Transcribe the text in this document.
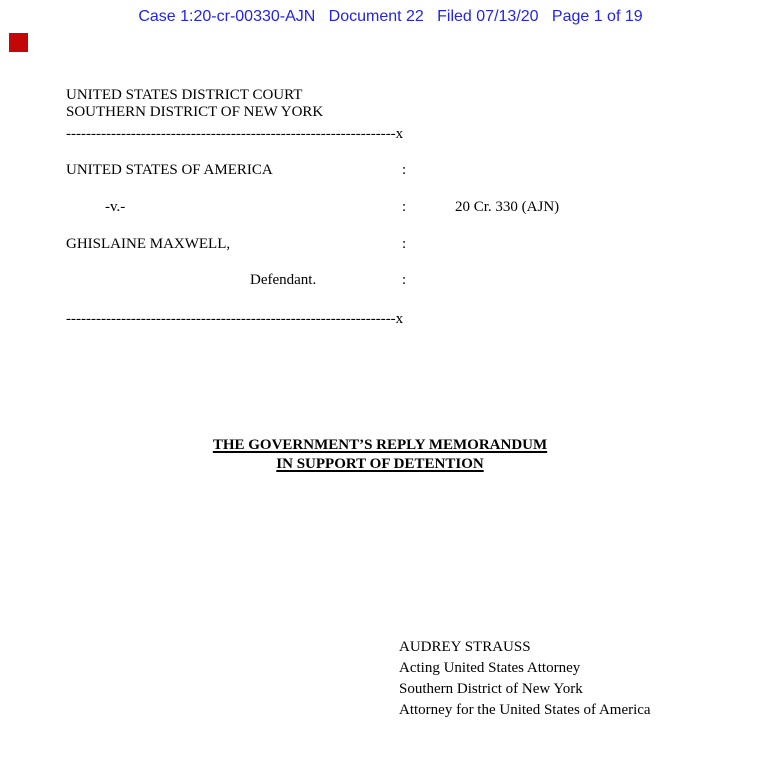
Case 1:20-cr-00330-AJN   Document 22   Filed 07/13/20   Page 1 of 19
UNITED STATES DISTRICT COURT
SOUTHERN DISTRICT OF NEW YORK
------------------------------------------------------------------x
UNITED STATES OF AMERICA	:
-v.-	:	20 Cr. 330 (AJN)
GHISLAINE MAXWELL,	:
Defendant.	:
------------------------------------------------------------------x
THE GOVERNMENT’S REPLY MEMORANDUM
IN SUPPORT OF DETENTION
AUDREY STRAUSS
Acting United States Attorney
Southern District of New York
Attorney for the United States of America
